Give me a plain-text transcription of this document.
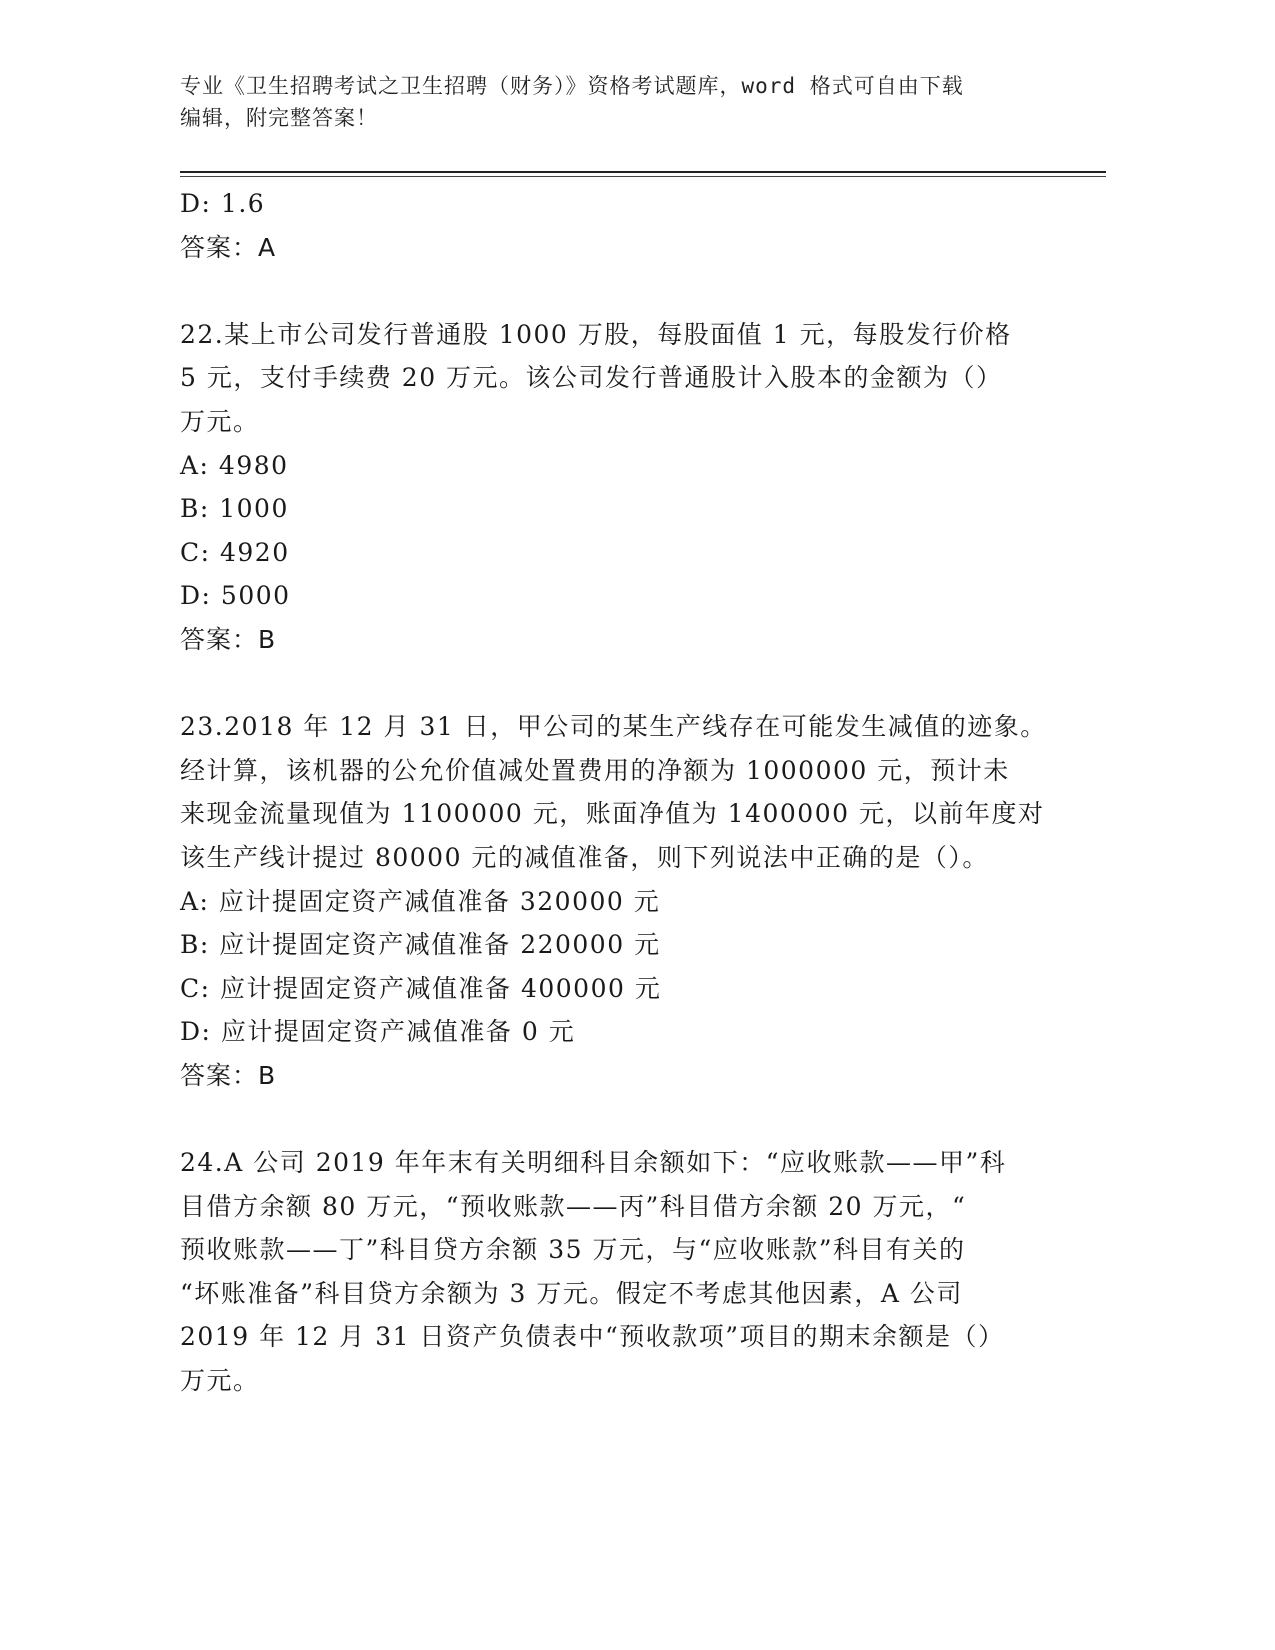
专业《卫生招聘考试之卫生招聘（财务）》资格考试题库，word 格式可自由下载
编辑，附完整答案！
D: 1.6
答案：A
22.某上市公司发行普通股 1000 万股，每股面值 1 元，每股发行价格
5 元，支付手续费 20 万元。该公司发行普通股计入股本的金额为（）
万元。
A: 4980
B: 1000
C: 4920
D: 5000
答案：B
23.2018 年 12 月 31 日，甲公司的某生产线存在可能发生减值的迹象。
经计算，该机器的公允价值减处置费用的净额为 1000000 元，预计未
来现金流量现值为 1100000 元，账面净值为 1400000 元，以前年度对
该生产线计提过 80000 元的减值准备，则下列说法中正确的是（）。
A: 应计提固定资产减值准备 320000 元
B: 应计提固定资产减值准备 220000 元
C: 应计提固定资产减值准备 400000 元
D: 应计提固定资产减值准备 0 元
答案：B
24.A 公司 2019 年年末有关明细科目余额如下：“应收账款——甲”科
目借方余额 80 万元，“预收账款——丙”科目借方余额 20 万元，“
预收账款——丁”科目贷方余额 35 万元，与“应收账款”科目有关的
“坏账准备”科目贷方余额为 3 万元。假定不考虑其他因素，A 公司
2019 年 12 月 31 日资产负债表中“预收款项”项目的期末余额是（）
万元。
